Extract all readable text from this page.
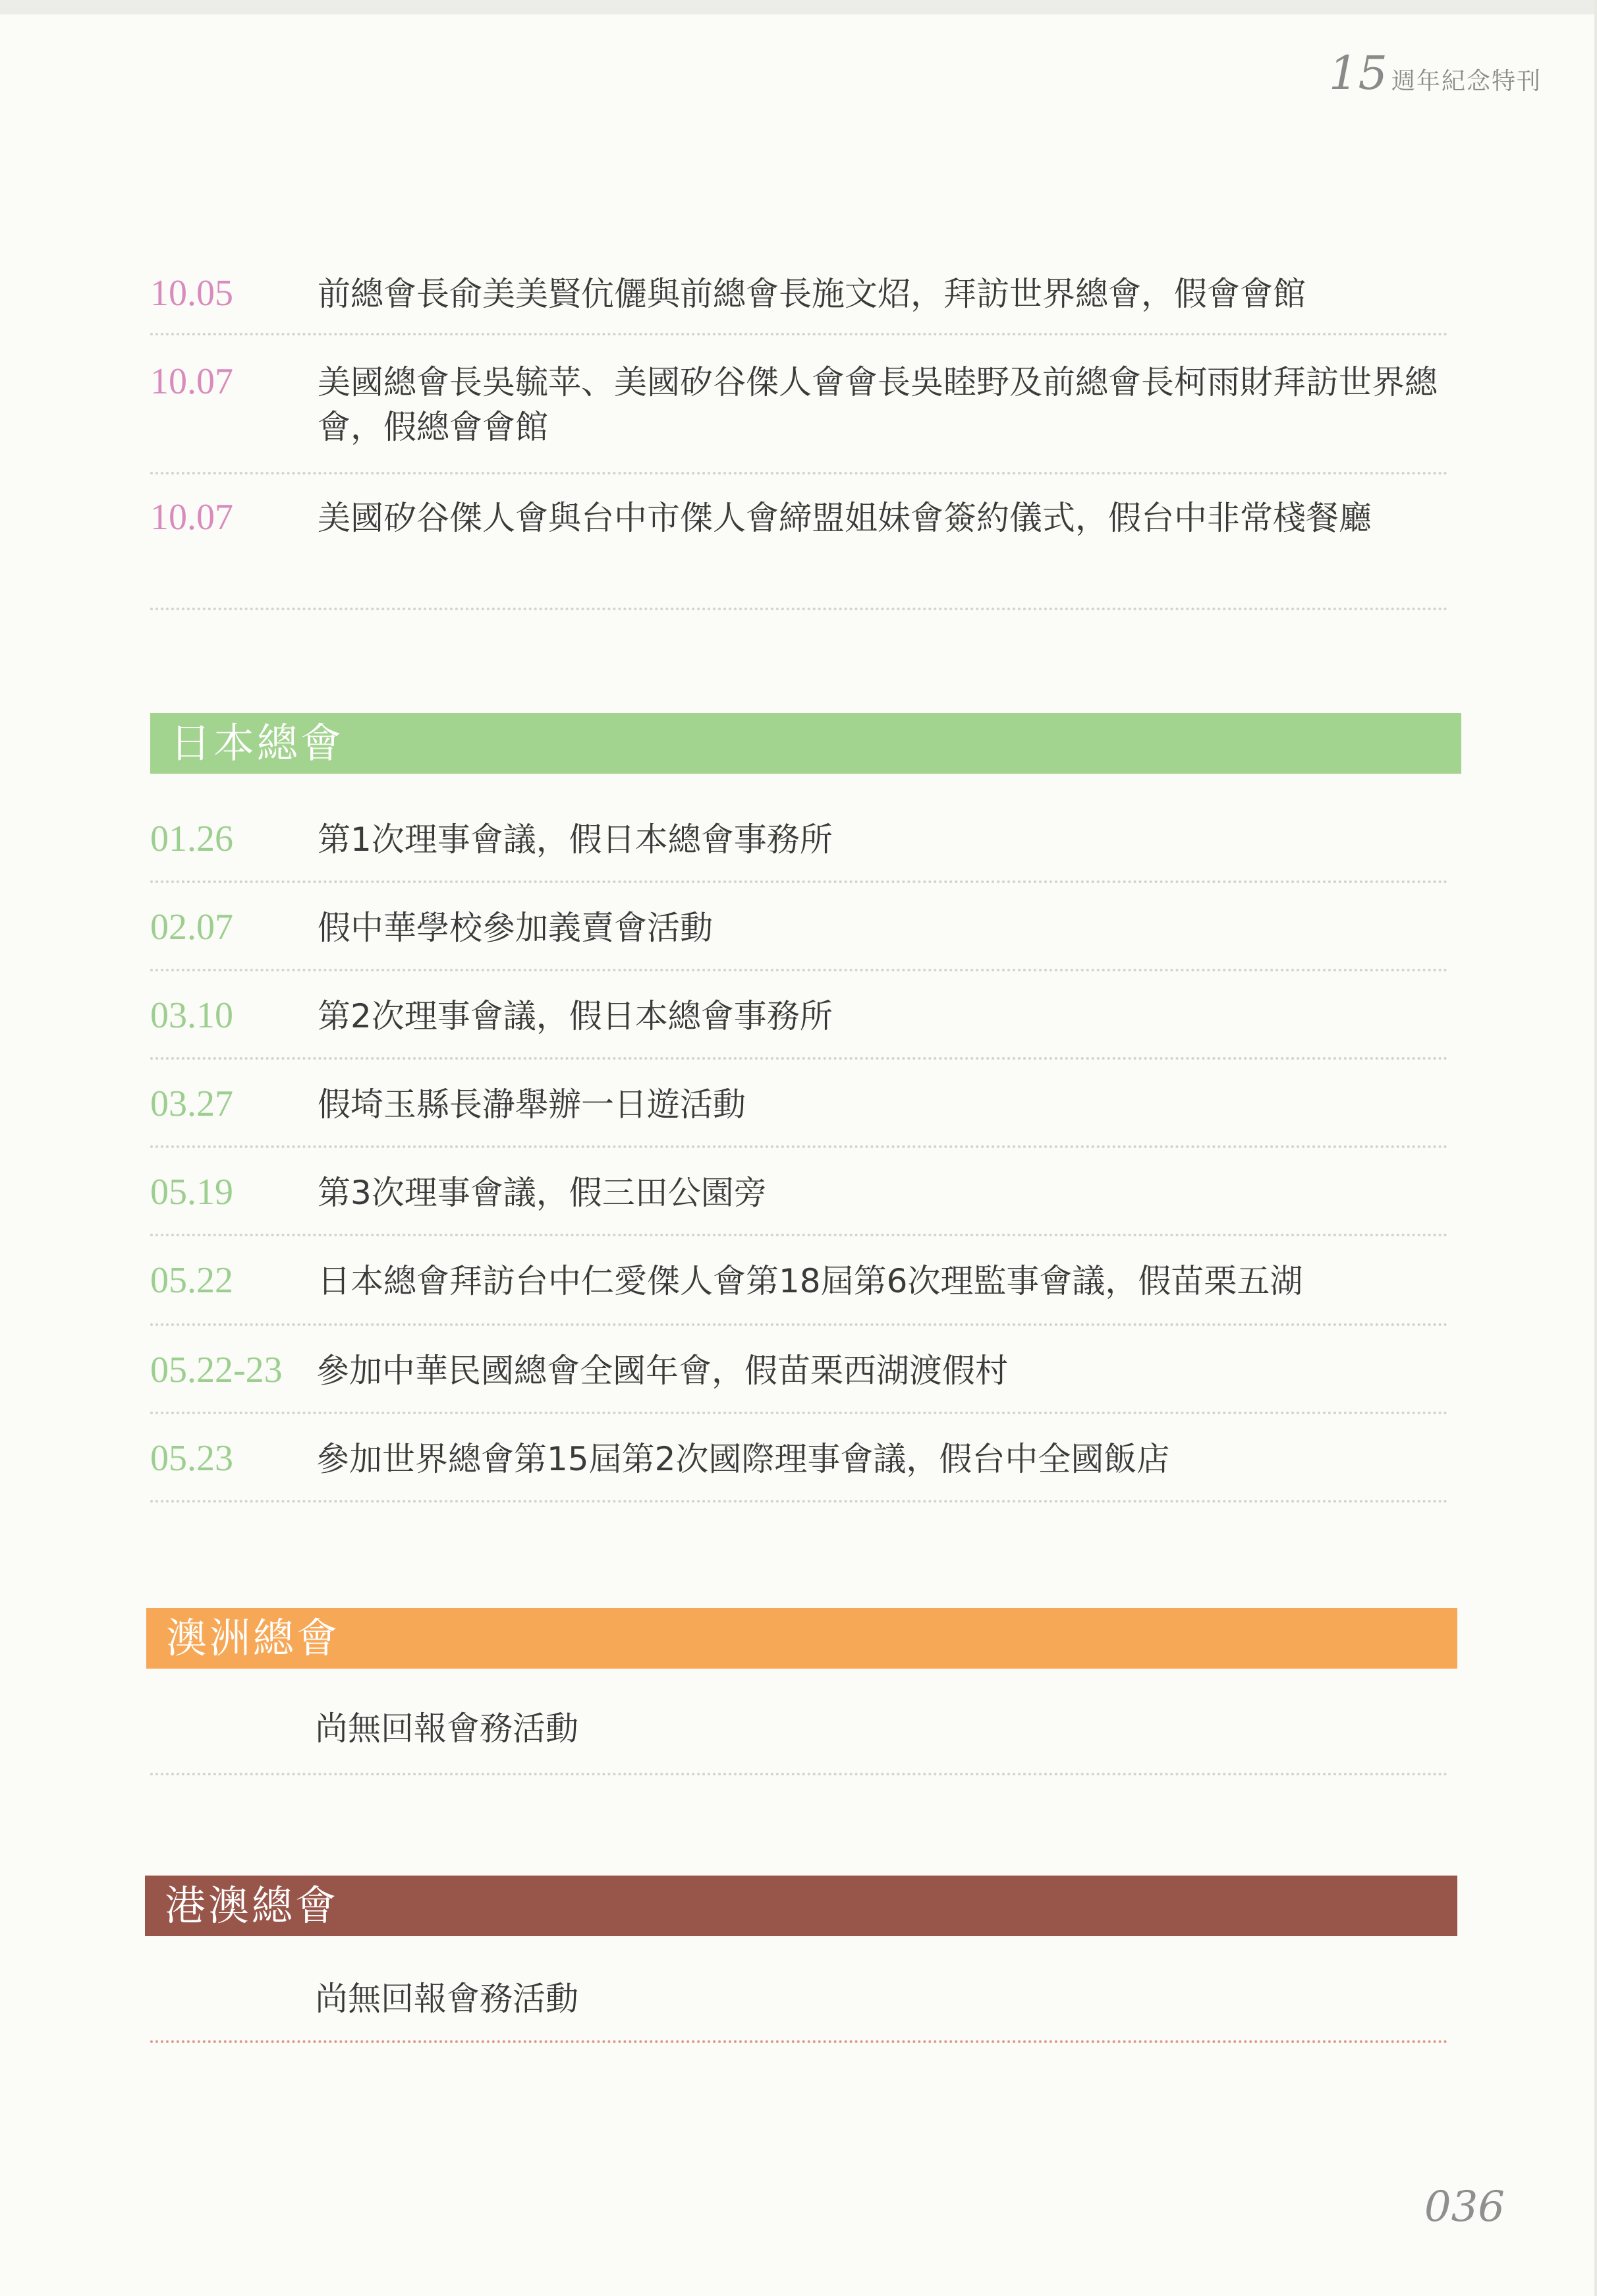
15 週年紀念特刊
10.05	前總會長俞美美賢伉儷與前總會長施文炤，拜訪世界總會，假會會館
10.07	美國總會長吳毓苹、美國矽谷傑人會會長吳睦野及前總會長柯雨財拜訪世界總會，假總會會館
10.07	美國矽谷傑人會與台中市傑人會締盟姐妹會簽約儀式，假台中非常棧餐廳
日本總會
01.26	第1次理事會議，假日本總會事務所
02.07	假中華學校參加義賣會活動
03.10	第2次理事會議，假日本總會事務所
03.27	假埼玉縣長瀞舉辦一日遊活動
05.19	第3次理事會議，假三田公園旁
05.22	日本總會拜訪台中仁愛傑人會第18屆第6次理監事會議，假苗栗五湖
05.22-23 參加中華民國總會全國年會，假苗栗西湖渡假村
05.23	參加世界總會第15屆第2次國際理事會議，假台中全國飯店
澳洲總會
尚無回報會務活動
港澳總會
尚無回報會務活動
036
